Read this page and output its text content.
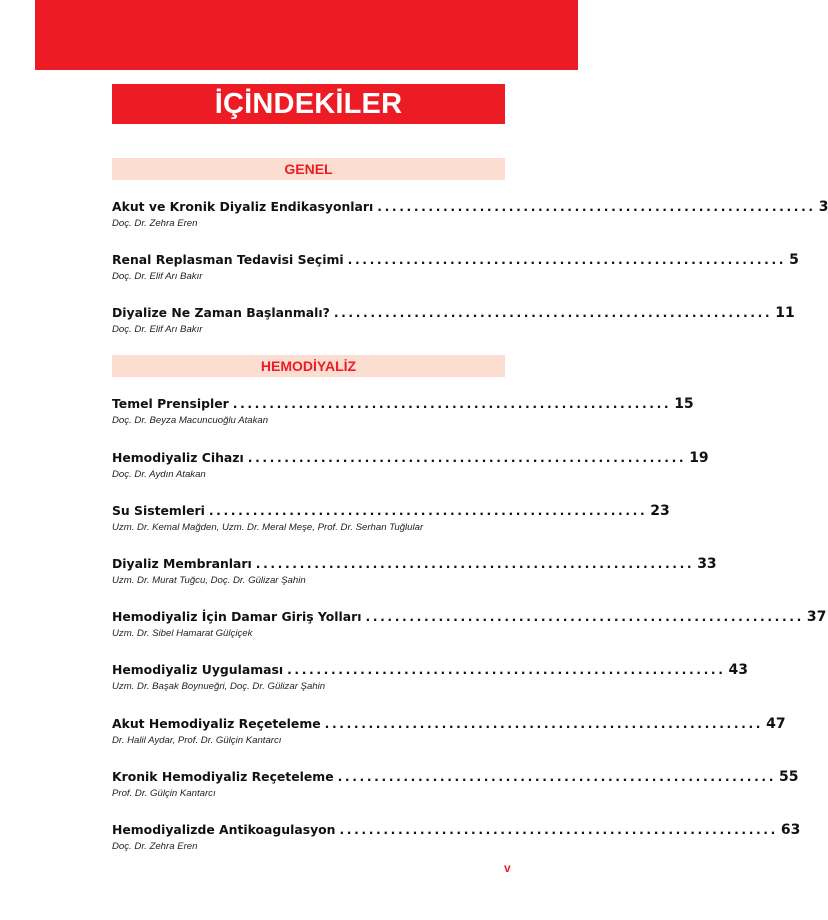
İÇİNDEKİLER
GENEL
Akut ve Kronik Diyaliz Endikasyonları ............................................................ 3
Doç. Dr. Zehra Eren
Renal Replasman Tedavisi Seçimi ............................................................ 5
Doç. Dr. Elif Arı Bakır
Diyalize Ne Zaman Başlanmalı? ............................................................ 11
Doç. Dr. Elif Arı Bakır
HEMODİYALİZ
Temel Prensipler ............................................................ 15
Doç. Dr. Beyza Macuncuoğlu Atakan
Hemodiyaliz Cihazı ............................................................ 19
Doç. Dr. Aydın Atakan
Su Sistemleri ............................................................ 23
Uzm. Dr. Kemal Mağden, Uzm. Dr. Meral Meşe, Prof. Dr. Serhan Tuğlular
Diyaliz Membranları ............................................................ 33
Uzm. Dr. Murat Tuğcu, Doç. Dr. Gülizar Şahin
Hemodiyaliz İçin Damar Giriş Yolları ............................................................ 37
Uzm. Dr. Sibel Hamarat Gülçiçek
Hemodiyaliz Uygulaması ............................................................ 43
Uzm. Dr. Başak Boynueğri, Doç. Dr. Gülizar Şahin
Akut Hemodiyaliz Reçeteleme ............................................................ 47
Dr. Halil Aydar, Prof. Dr. Gülçin Kantarcı
Kronik Hemodiyaliz Reçeteleme ............................................................ 55
Prof. Dr. Gülçin Kantarcı
Hemodiyalizde Antikoagulasyon ............................................................ 63
Doç. Dr. Zehra Eren
v
